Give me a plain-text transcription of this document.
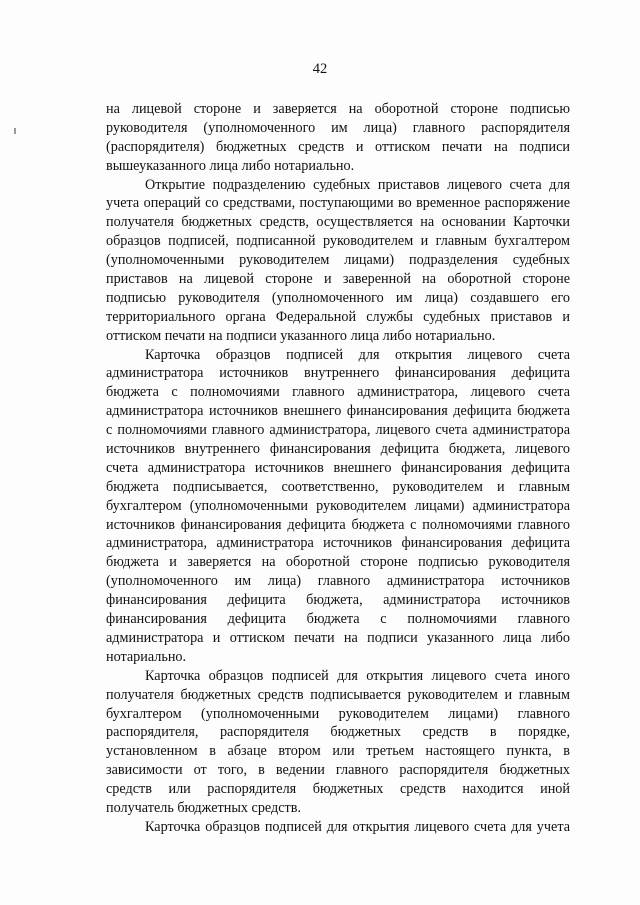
42
на лицевой стороне и заверяется на оборотной стороне подписью
руководителя (уполномоченного им лица) главного распорядителя
(распорядителя) бюджетных средств и оттиском печати на подписи
вышеуказанного лица либо нотариально.
Открытие подразделению судебных приставов лицевого счета для
учета операций со средствами, поступающими во временное распоряжение
получателя бюджетных средств, осуществляется на основании Карточки
образцов подписей, подписанной руководителем и главным бухгалтером
(уполномоченными руководителем лицами) подразделения судебных
приставов на лицевой стороне и заверенной на оборотной стороне
подписью руководителя (уполномоченного им лица) создавшего его
территориального органа Федеральной службы судебных приставов и
оттиском печати на подписи указанного лица либо нотариально.
Карточка образцов подписей для открытия лицевого счета
администратора источников внутреннего финансирования дефицита
бюджета с полномочиями главного администратора, лицевого счета
администратора источников внешнего финансирования дефицита бюджета
с полномочиями главного администратора, лицевого счета администратора
источников внутреннего финансирования дефицита бюджета, лицевого
счета администратора источников внешнего финансирования дефицита
бюджета подписывается, соответственно, руководителем и главным
бухгалтером (уполномоченными руководителем лицами) администратора
источников финансирования дефицита бюджета с полномочиями главного
администратора, администратора источников финансирования дефицита
бюджета и заверяется на оборотной стороне подписью руководителя
(уполномоченного им лица) главного администратора источников
финансирования дефицита бюджета, администратора источников
финансирования дефицита бюджета с полномочиями главного
администратора и оттиском печати на подписи указанного лица либо
нотариально.
Карточка образцов подписей для открытия лицевого счета иного
получателя бюджетных средств подписывается руководителем и главным
бухгалтером (уполномоченными руководителем лицами) главного
распорядителя, распорядителя бюджетных средств в порядке,
установленном в абзаце втором или третьем настоящего пункта, в
зависимости от того, в ведении главного распорядителя бюджетных
средств или распорядителя бюджетных средств находится иной
получатель бюджетных средств.
Карточка образцов подписей для открытия лицевого счета для учета
